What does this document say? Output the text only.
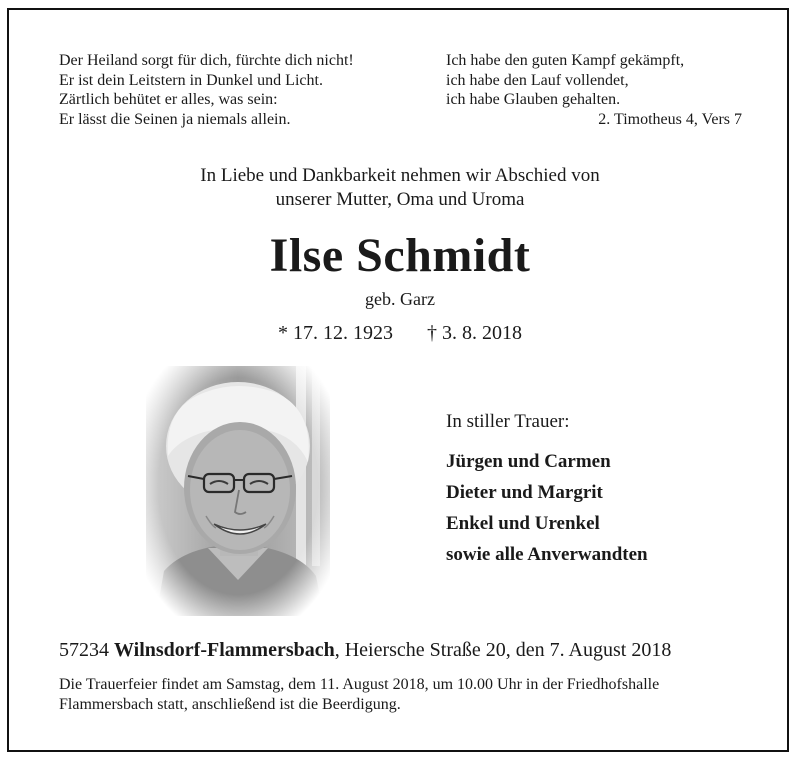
Der Heiland sorgt für dich, fürchte dich nicht!
Er ist dein Leitstern in Dunkel und Licht.
Zärtlich behütet er alles, was sein:
Er lässt die Seinen ja niemals allein.
Ich habe den guten Kampf gekämpft,
ich habe den Lauf vollendet,
ich habe Glauben gehalten.
2. Timotheus 4, Vers 7
In Liebe und Dankbarkeit nehmen wir Abschied von
unserer Mutter, Oma und Uroma
Ilse Schmidt
geb. Garz
* 17. 12. 1923 † 3. 8. 2018
In stiller Trauer:
Jürgen und Carmen
Dieter und Margrit
Enkel und Urenkel
sowie alle Anverwandten
57234 Wilnsdorf-Flammersbach, Heiersche Straße 20, den 7. August 2018
Die Trauerfeier findet am Samstag, dem 11. August 2018, um 10.00 Uhr in der Friedhofshalle
Flammersbach statt, anschließend ist die Beerdigung.
